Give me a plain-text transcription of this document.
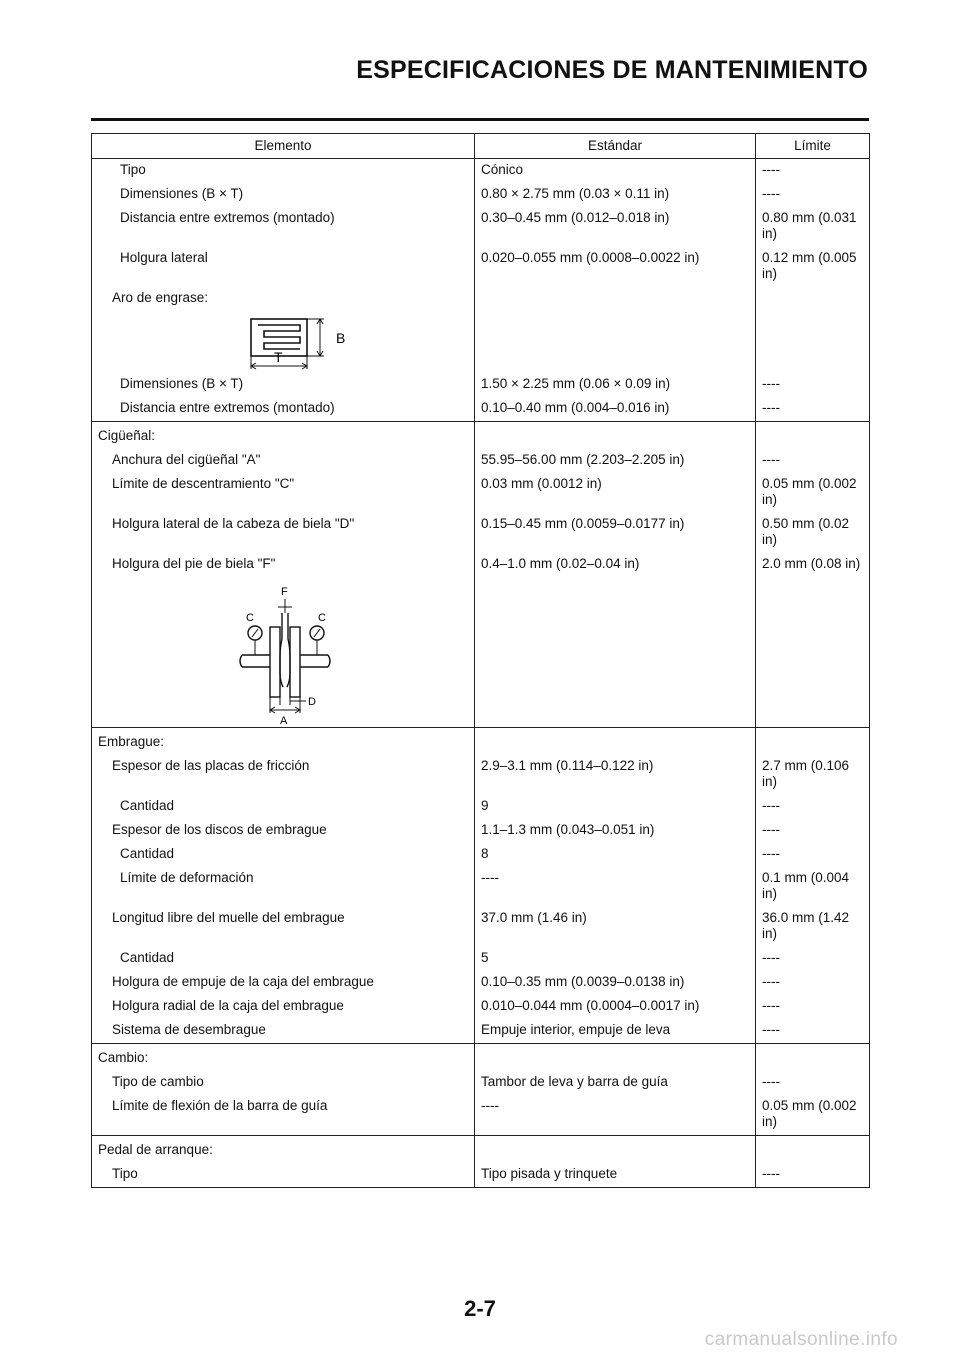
ESPECIFICACIONES DE MANTENIMIENTO
Elemento	Estándar	Límite
Tipo	Cónico	----
Dimensiones (B × T)	0.80 × 2.75 mm (0.03 × 0.11 in)	----
Distancia entre extremos (montado)	0.30–0.45 mm (0.012–0.018 in)	0.80 mm (0.031 in)
Holgura lateral	0.020–0.055 mm (0.0008–0.0022 in)	0.12 mm (0.005 in)
Aro de engrase:		

B
T		

Dimensiones (B × T)	1.50 × 2.25 mm (0.06 × 0.09 in)	----
Distancia entre extremos (montado)	0.10–0.40 mm (0.004–0.016 in)	----
Cigüeñal:		
Anchura del cigüeñal "A"	55.95–56.00 mm (2.203–2.205 in)	----
Límite de descentramiento "C"	0.03 mm (0.0012 in)	0.05 mm (0.002 in)
Holgura lateral de la cabeza de biela "D"	0.15–0.45 mm (0.0059–0.0177 in)	0.50 mm (0.02 in)
Holgura del pie de biela "F"	0.4–1.0 mm (0.02–0.04 in)	2.0 mm (0.08 in)

F
C C
D
A		

Embrague:		
Espesor de las placas de fricción	2.9–3.1 mm (0.114–0.122 in)	2.7 mm (0.106 in)
Cantidad	9	----
Espesor de los discos de embrague	1.1–1.3 mm (0.043–0.051 in)	----
Cantidad	8	----
Límite de deformación	----	0.1 mm (0.004 in)
Longitud libre del muelle del embrague	37.0 mm (1.46 in)	36.0 mm (1.42 in)
Cantidad	5	----
Holgura de empuje de la caja del embrague	0.10–0.35 mm (0.0039–0.0138 in)	----
Holgura radial de la caja del embrague	0.010–0.044 mm (0.0004–0.0017 in)	----
Sistema de desembrague	Empuje interior, empuje de leva	----
Cambio:		
Tipo de cambio	Tambor de leva y barra de guía	----
Límite de flexión de la barra de guía	----	0.05 mm (0.002 in)
Pedal de arranque:		
Tipo	Tipo pisada y trinquete	----
2-7
carmanualsonline.info
